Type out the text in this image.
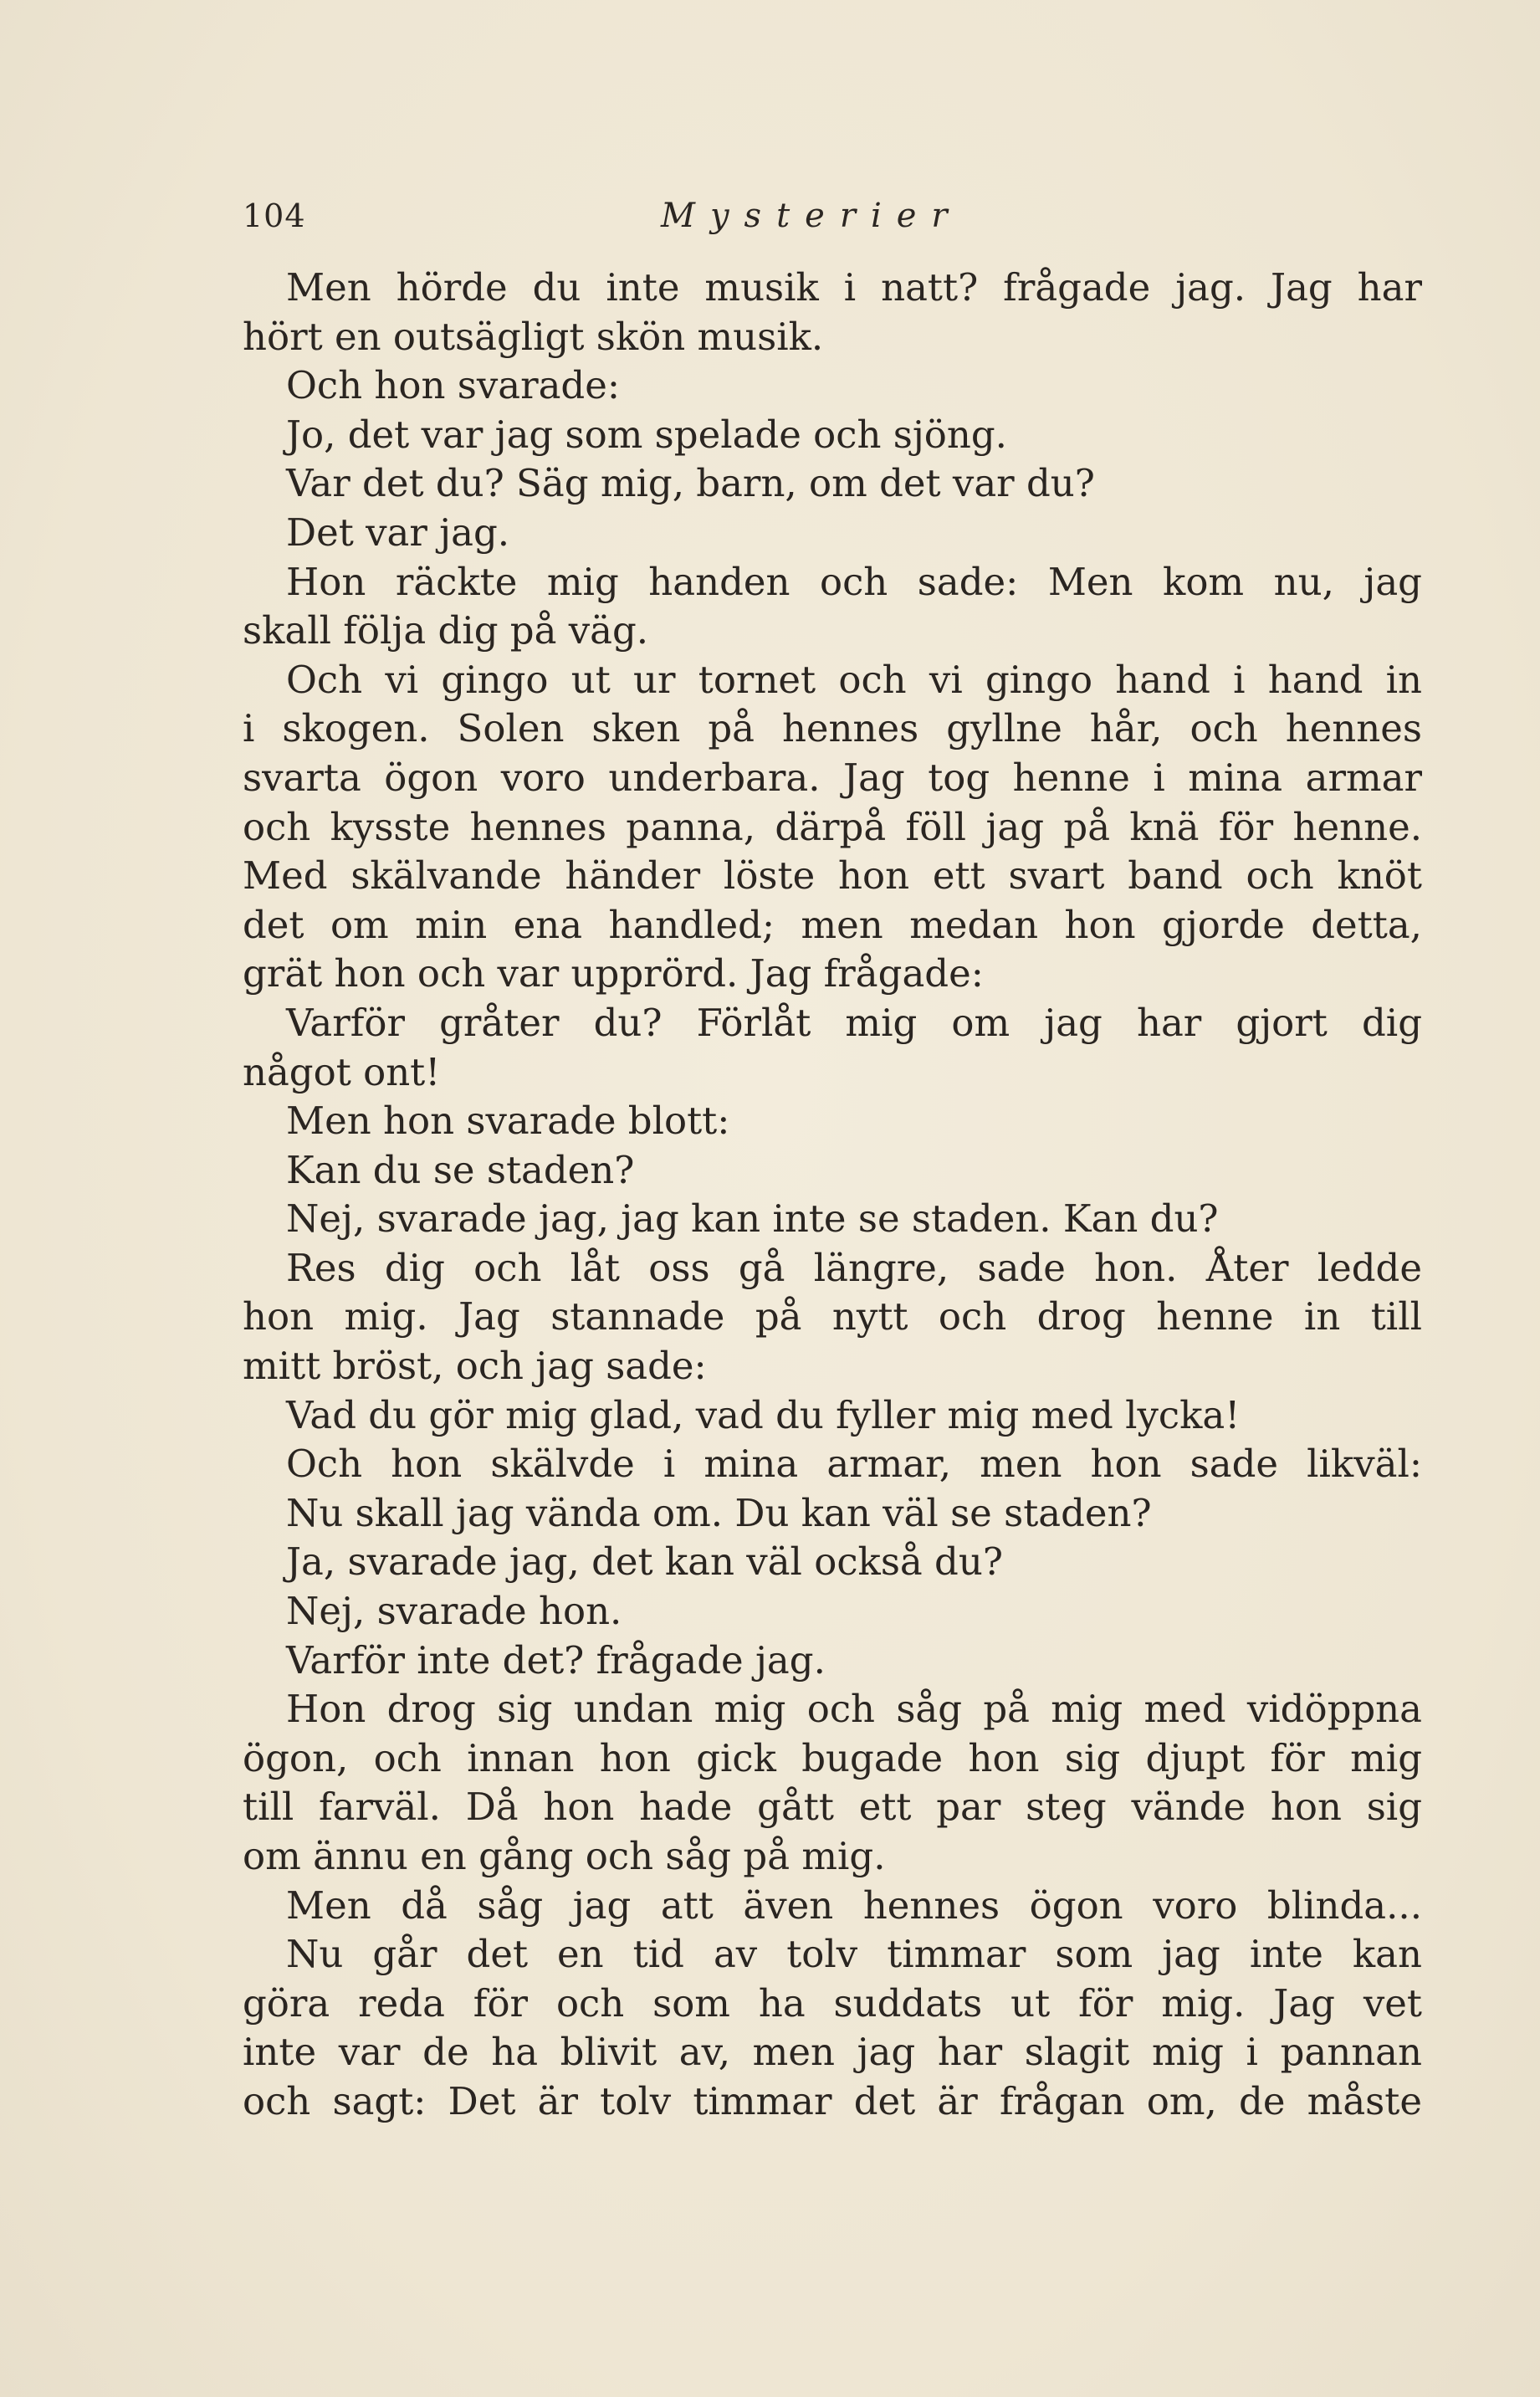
104	Mysterier
Men hörde du inte musik i natt? frågade jag. Jag har
hört en outsägligt skön musik.
Och hon svarade:
Jo, det var jag som spelade och sjöng.
Var det du? Säg mig, barn, om det var du?
Det var jag.
Hon räckte mig handen och sade: Men kom nu, jag
skall följa dig på väg.
Och vi gingo ut ur tornet och vi gingo hand i hand in
i skogen. Solen sken på hennes gyllne hår, och hennes
svarta ögon voro underbara. Jag tog henne i mina armar
och kysste hennes panna, därpå föll jag på knä för henne.
Med skälvande händer löste hon ett svart band och knöt
det om min ena handled; men medan hon gjorde detta,
grät hon och var upprörd. Jag frågade:
Varför gråter du? Förlåt mig om jag har gjort dig
något ont!
Men hon svarade blott:
Kan du se staden?
Nej, svarade jag, jag kan inte se staden. Kan du?
Res dig och låt oss gå längre, sade hon. Åter ledde
hon mig. Jag stannade på nytt och drog henne in till
mitt bröst, och jag sade:
Vad du gör mig glad, vad du fyller mig med lycka!
Och hon skälvde i mina armar, men hon sade likväl:
Nu skall jag vända om. Du kan väl se staden?
Ja, svarade jag, det kan väl också du?
Nej, svarade hon.
Varför inte det? frågade jag.
Hon drog sig undan mig och såg på mig med vidöppna
ögon, och innan hon gick bugade hon sig djupt för mig
till farväl. Då hon hade gått ett par steg vände hon sig
om ännu en gång och såg på mig.
Men då såg jag att även hennes ögon voro blinda...
Nu går det en tid av tolv timmar som jag inte kan
göra reda för och som ha suddats ut för mig. Jag vet
inte var de ha blivit av, men jag har slagit mig i pannan
och sagt: Det är tolv timmar det är frågan om, de måste
